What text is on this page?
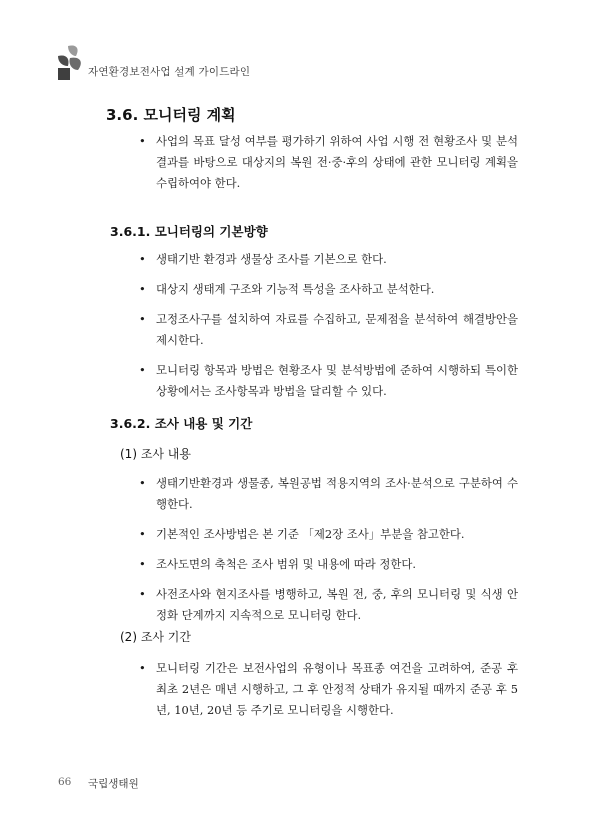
자연환경보전사업 설계 가이드라인
3.6. 모니터링 계획
• 사업의 목표 달성 여부를 평가하기 위하여 사업 시행 전 현황조사 및 분석 결과를 바탕으로 대상지의 복원 전·중·후의 상태에 관한 모니터링 계획을 수립하여야 한다.
3.6.1. 모니터링의 기본방향
• 생태기반 환경과 생물상 조사를 기본으로 한다.
• 대상지 생태계 구조와 기능적 특성을 조사하고 분석한다.
• 고정조사구를 설치하여 자료를 수집하고, 문제점을 분석하여 해결방안을 제시한다.
• 모니터링 항목과 방법은 현황조사 및 분석방법에 준하여 시행하되 특이한 상황에서는 조사항목과 방법을 달리할 수 있다.
3.6.2. 조사 내용 및 기간
(1) 조사 내용
• 생태기반환경과 생물종, 복원공법 적용지역의 조사·분석으로 구분하여 수행한다.
• 기본적인 조사방법은 본 기준 「제2장 조사」부분을 참고한다.
• 조사도면의 축척은 조사 범위 및 내용에 따라 정한다.
• 사전조사와 현지조사를 병행하고, 복원 전, 중, 후의 모니터링 및 식생 안정화 단계까지 지속적으로 모니터링 한다.
(2) 조사 기간
• 모니터링 기간은 보전사업의 유형이나 목표종 여건을 고려하여, 준공 후 최초 2년은 매년 시행하고, 그 후 안정적 상태가 유지될 때까지 준공 후 5년, 10년, 20년 등 주기로 모니터링을 시행한다.
66 국립생태원
